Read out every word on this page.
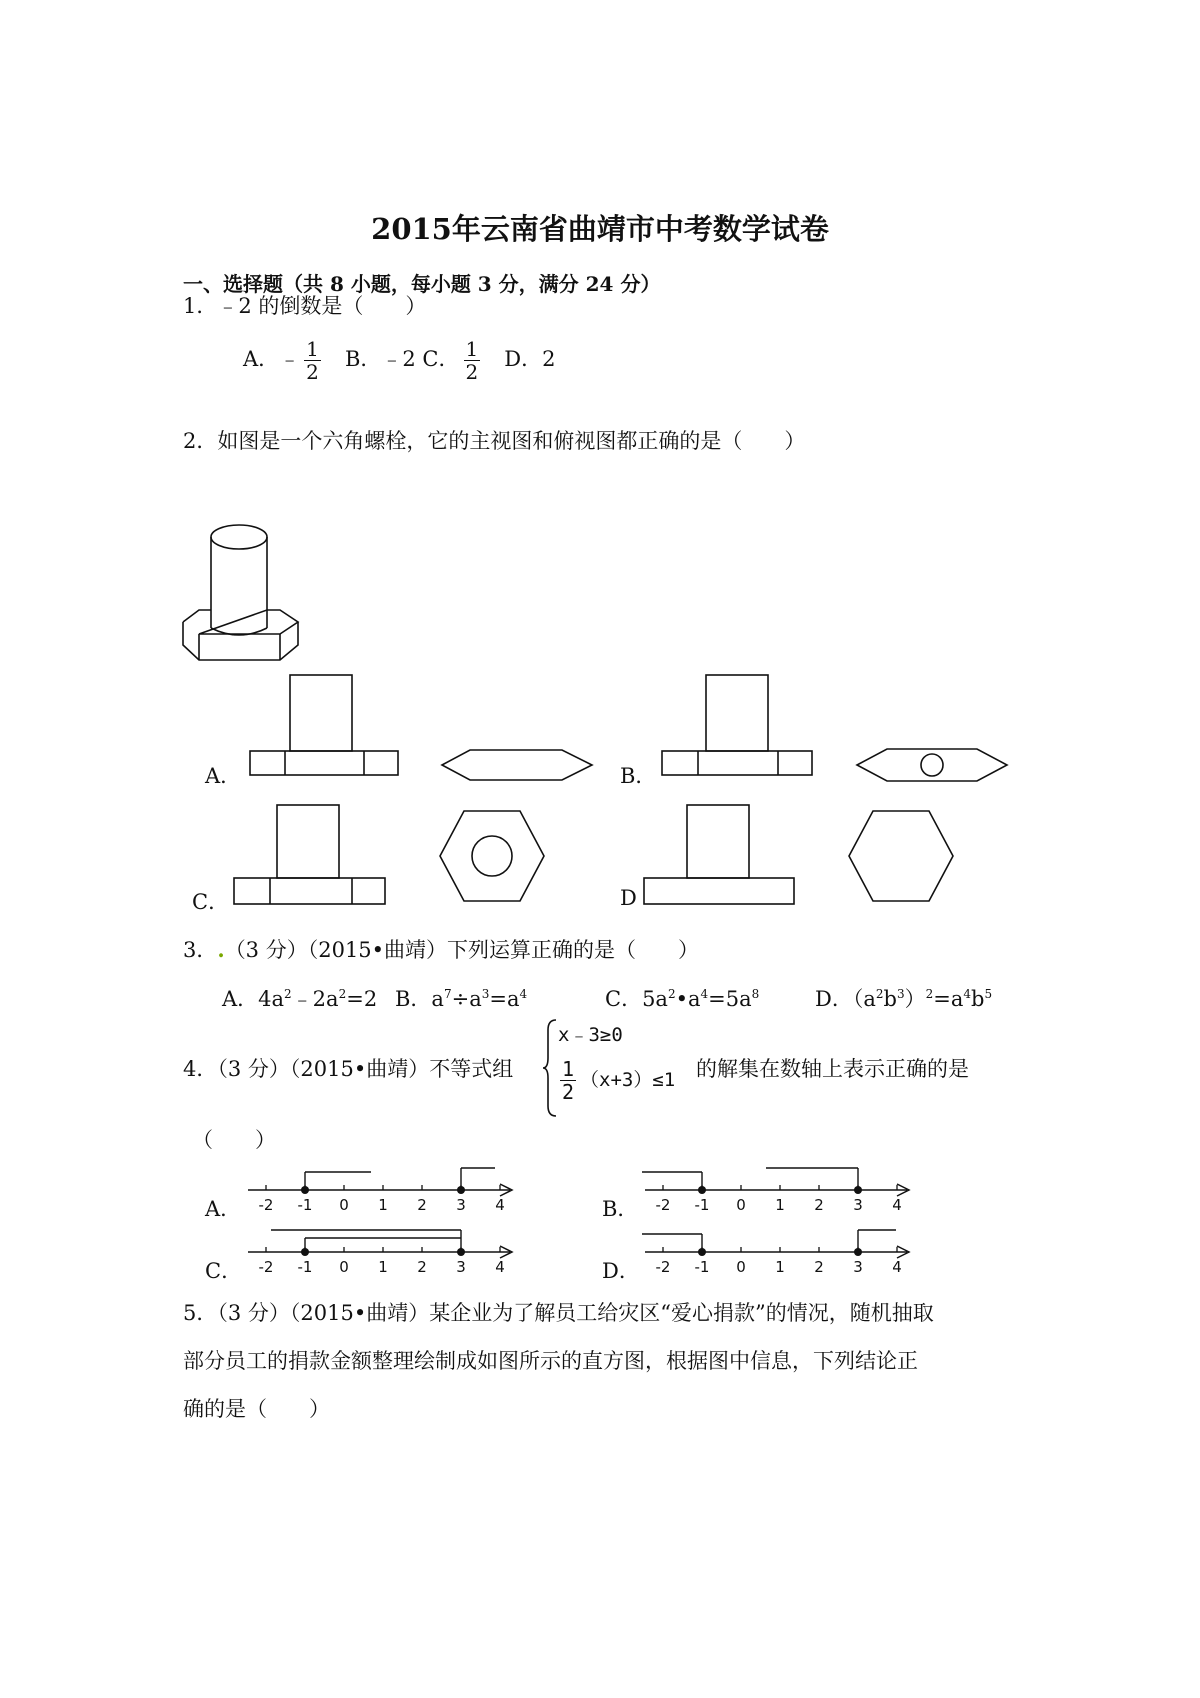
2015年云南省曲靖市中考数学试卷
一、选择题（共 8 小题，每小题 3 分，满分 24 分）
1．﹣2 的倒数是（　　）
A．﹣ $\frac{1}{2}$ B．﹣2 C． $\frac{1}{2}$ D．2
2．如图是一个六角螺栓，它的主视图和俯视图都正确的是（　　）
A．	B．
C．	D
3．.（3 分）（2015•曲靖）下列运算正确的是（　　）
A．$4a^2﹣2a^2=2$ B．$a^7\div a^3=a^4$	C．$5a^2•a^4=5a^8$	D．$(a^2b^3)^2=a^4b^5$
4．（3 分）（2015•曲靖）不等式组
x﹣3≥0
$\frac{1}{2} (x+3)\le 1$ 的解集在数轴上表示正确的是
（　　）
A．	B．
C．	D．
-2 -1 0 1 2 3 4	-2 -1 0 1 2 3 4
-2 -1 0 1 2 3 4	-2 -1 0 1 2 3 4
5．（3 分）（2015•曲靖）某企业为了解员工给灾区“爱心捐款”的情况，随机抽取
部分员工的捐款金额整理绘制成如图所示的直方图，根据图中信息，下列结论正
确的是（　　）
